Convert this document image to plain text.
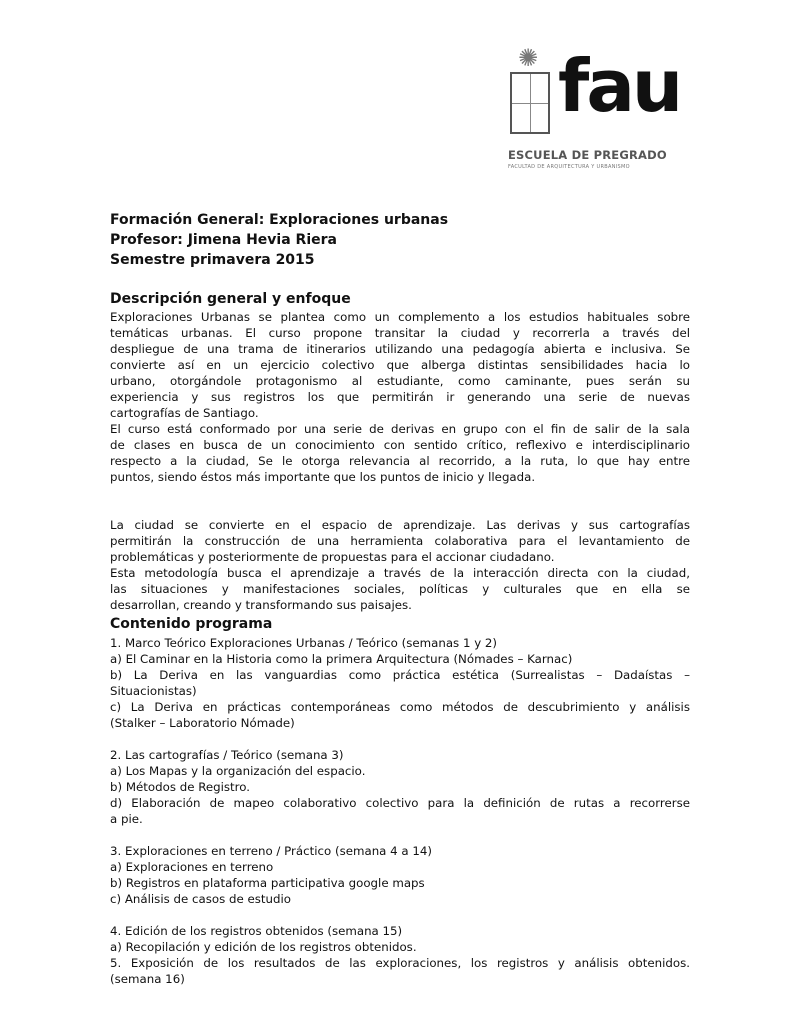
✺ fau
ESCUELA DE PREGRADO
FACULTAD DE ARQUITECTURA Y URBANISMO
Formación General: Exploraciones urbanas
Profesor: Jimena Hevia Riera
Semestre primavera 2015
Descripción general y enfoque
Exploraciones Urbanas se plantea como un complemento a los estudios habituales sobre
temáticas urbanas. El curso propone transitar la ciudad y recorrerla a través del
despliegue de una trama de itinerarios utilizando una pedagogía abierta e inclusiva. Se
convierte así en un ejercicio colectivo que alberga distintas sensibilidades hacia lo
urbano, otorgándole protagonismo al estudiante, como caminante, pues serán su
experiencia y sus registros los que permitirán ir generando una serie de nuevas
cartografías de Santiago.
El curso está conformado por una serie de derivas en grupo con el fin de salir de la sala
de clases en busca de un conocimiento con sentido crítico, reflexivo e interdisciplinario
respecto a la ciudad, Se le otorga relevancia al recorrido, a la ruta, lo que hay entre
puntos, siendo éstos más importante que los puntos de inicio y llegada.
La ciudad se convierte en el espacio de aprendizaje. Las derivas y sus cartografías
permitirán la construcción de una herramienta colaborativa para el levantamiento de
problemáticas y posteriormente de propuestas para el accionar ciudadano.
Esta metodología busca el aprendizaje a través de la interacción directa con la ciudad,
las situaciones y manifestaciones sociales, políticas y culturales que en ella se
desarrollan, creando y transformando sus paisajes.
Contenido programa
1. Marco Teórico Exploraciones Urbanas / Teórico (semanas 1 y 2)
a) El Caminar en la Historia como la primera Arquitectura (Nómades – Karnac)
b) La Deriva en las vanguardias como práctica estética (Surrealistas – Dadaístas –
Situacionistas)
c) La Deriva en prácticas contemporáneas como métodos de descubrimiento y análisis
(Stalker – Laboratorio Nómade)
2. Las cartografías / Teórico (semana 3)
a) Los Mapas y la organización del espacio.
b) Métodos de Registro.
d) Elaboración de mapeo colaborativo colectivo para la definición de rutas a recorrerse
a pie.
3. Exploraciones en terreno / Práctico (semana 4 a 14)
a) Exploraciones en terreno
b) Registros en plataforma participativa google maps
c) Análisis de casos de estudio
4. Edición de los registros obtenidos (semana 15)
a) Recopilación y edición de los registros obtenidos.
5. Exposición de los resultados de las exploraciones, los registros y análisis obtenidos.
(semana 16)
